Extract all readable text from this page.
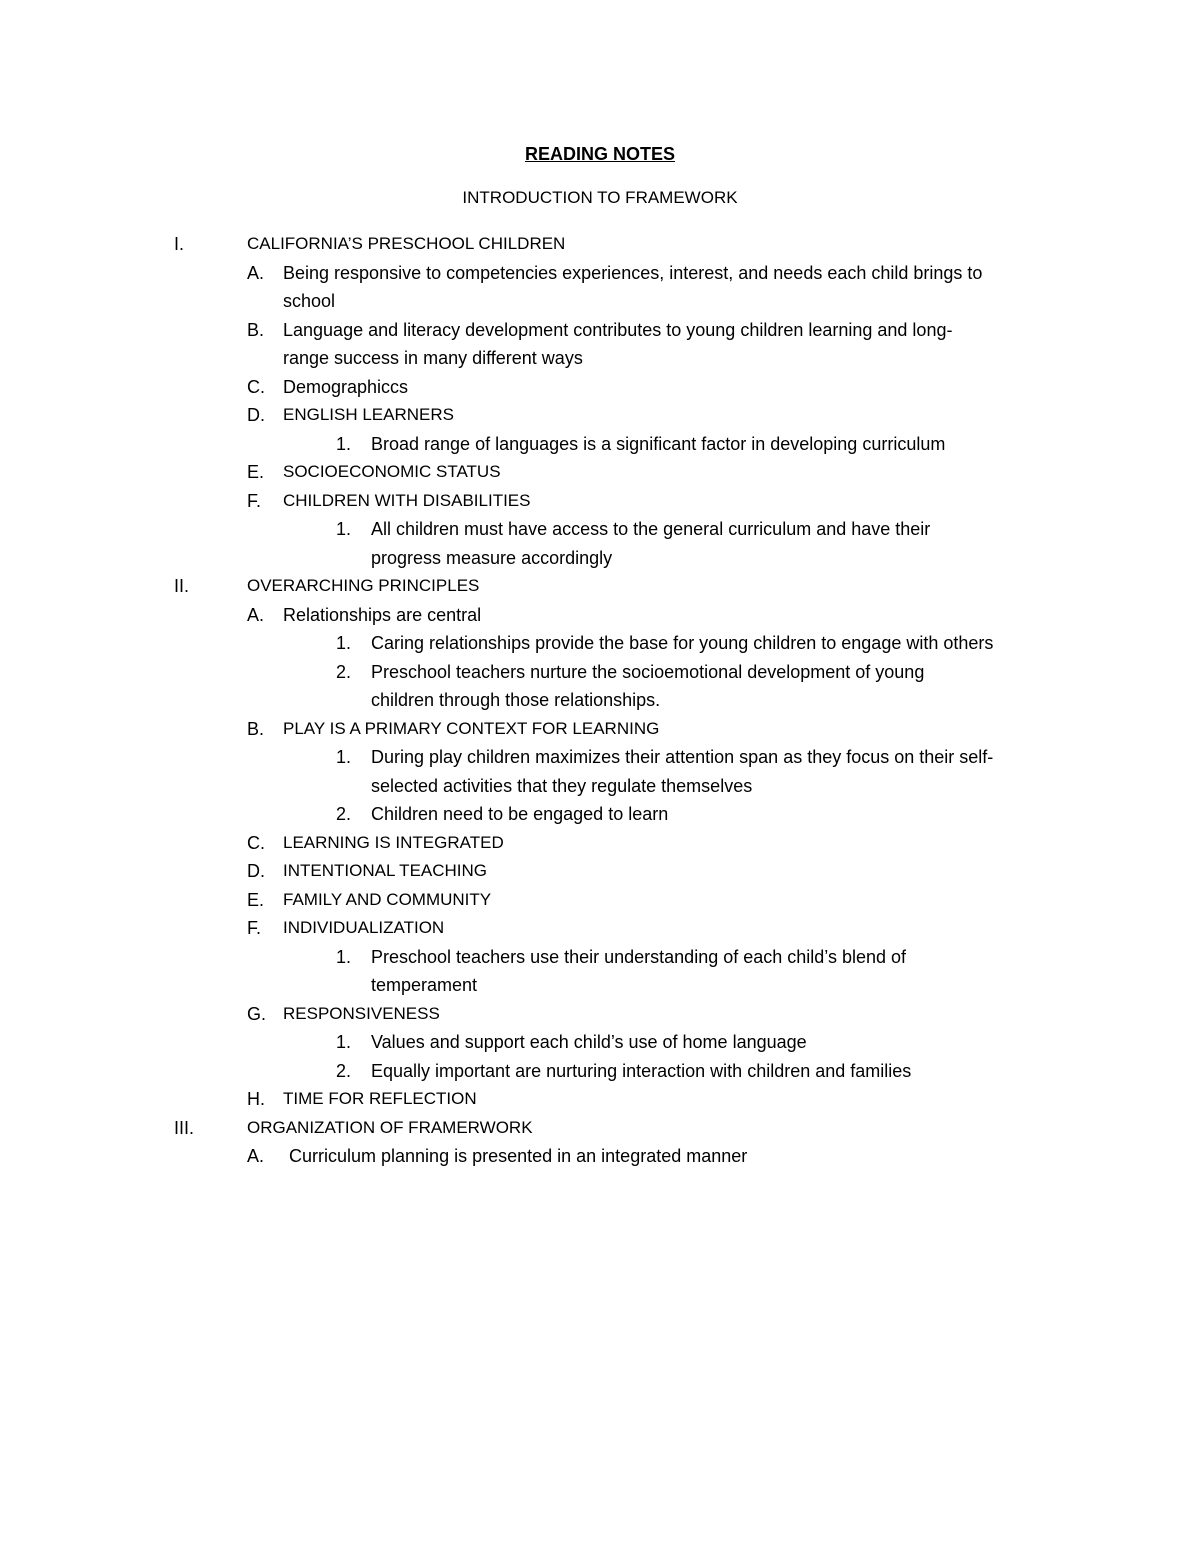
READING NOTES
INTRODUCTION TO FRAMEWORK
I.	CALIFORNIA’S PRESCHOOL CHILDREN
A. Being responsive to competencies experiences, interest, and needs each child brings to
school
B. Language and literacy development contributes to young children learning and long-
range success in many different ways
C. Demographiccs
D. ENGLISH LEARNERS
1. Broad range of languages is a significant factor in developing curriculum
E. SOCIOECONOMIC STATUS
F. CHILDREN WITH DISABILITIES
1. All children must have access to the general curriculum and have their
progress measure accordingly
II.	OVERARCHING PRINCIPLES
A. Relationships are central
1. Caring relationships provide the base for young children to engage with others
2. Preschool teachers nurture the socioemotional development of young
children through those relationships.
B. PLAY IS A PRIMARY CONTEXT FOR LEARNING
1. During play children maximizes their attention span as they focus on their self-
selected activities that they regulate themselves
2. Children need to be engaged to learn
C. LEARNING IS INTEGRATED
D. INTENTIONAL TEACHING
E. FAMILY AND COMMUNITY
F. INDIVIDUALIZATION
1. Preschool teachers use their understanding of each child’s blend of
temperament
G. RESPONSIVENESS
1. Values and support each child’s use of home language
2. Equally important are nurturing interaction with children and families
H. TIME FOR REFLECTION
III.	ORGANIZATION OF FRAMERWORK
A. Curriculum planning is presented in an integrated manner
